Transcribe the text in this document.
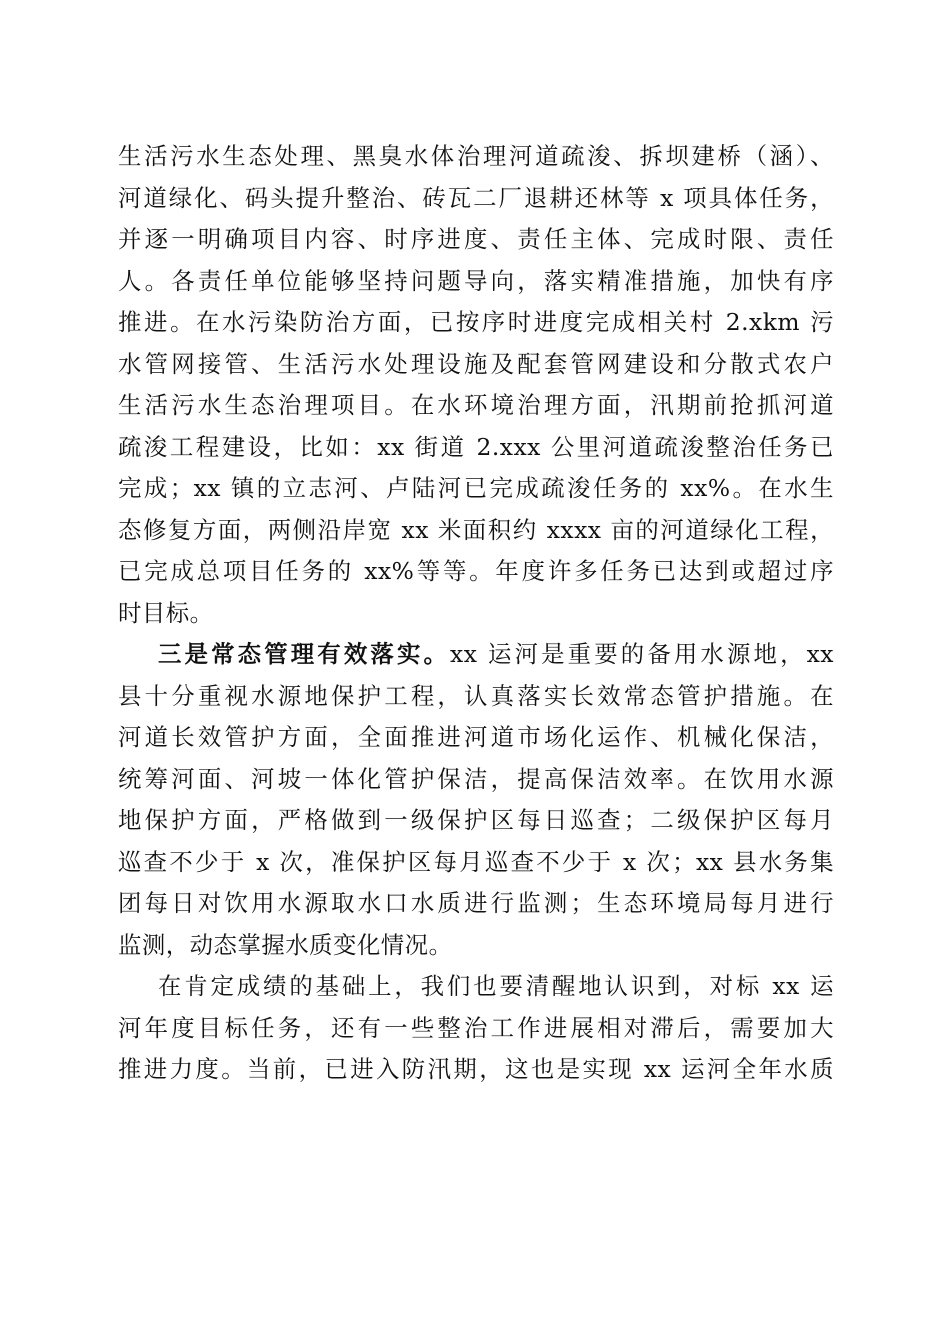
生活污水生态处理、黑臭水体治理河道疏浚、拆坝建桥（涵）、
河道绿化、码头提升整治、砖瓦二厂退耕还林等 x 项具体任务，
并逐一明确项目内容、时序进度、责任主体、完成时限、责任
人。各责任单位能够坚持问题导向，落实精准措施，加快有序
推进。在水污染防治方面，已按序时进度完成相关村 2.xkm 污
水管网接管、生活污水处理设施及配套管网建设和分散式农户
生活污水生态治理项目。在水环境治理方面，汛期前抢抓河道
疏浚工程建设，比如：xx 街道 2.xxx 公里河道疏浚整治任务已
完成；xx 镇的立志河、卢陆河已完成疏浚任务的 xx%。在水生
态修复方面，两侧沿岸宽 xx 米面积约 xxxx 亩的河道绿化工程，
已完成总项目任务的 xx%等等。年度许多任务已达到或超过序
时目标。
三是常态管理有效落实。xx 运河是重要的备用水源地，xx
县十分重视水源地保护工程，认真落实长效常态管护措施。在
河道长效管护方面，全面推进河道市场化运作、机械化保洁，
统筹河面、河坡一体化管护保洁，提高保洁效率。在饮用水源
地保护方面，严格做到一级保护区每日巡查；二级保护区每月
巡查不少于 x 次，准保护区每月巡查不少于 x 次；xx 县水务集
团每日对饮用水源取水口水质进行监测；生态环境局每月进行
监测，动态掌握水质变化情况。
在肯定成绩的基础上，我们也要清醒地认识到，对标 xx 运
河年度目标任务，还有一些整治工作进展相对滞后，需要加大
推进力度。当前，已进入防汛期，这也是实现 xx 运河全年水质
